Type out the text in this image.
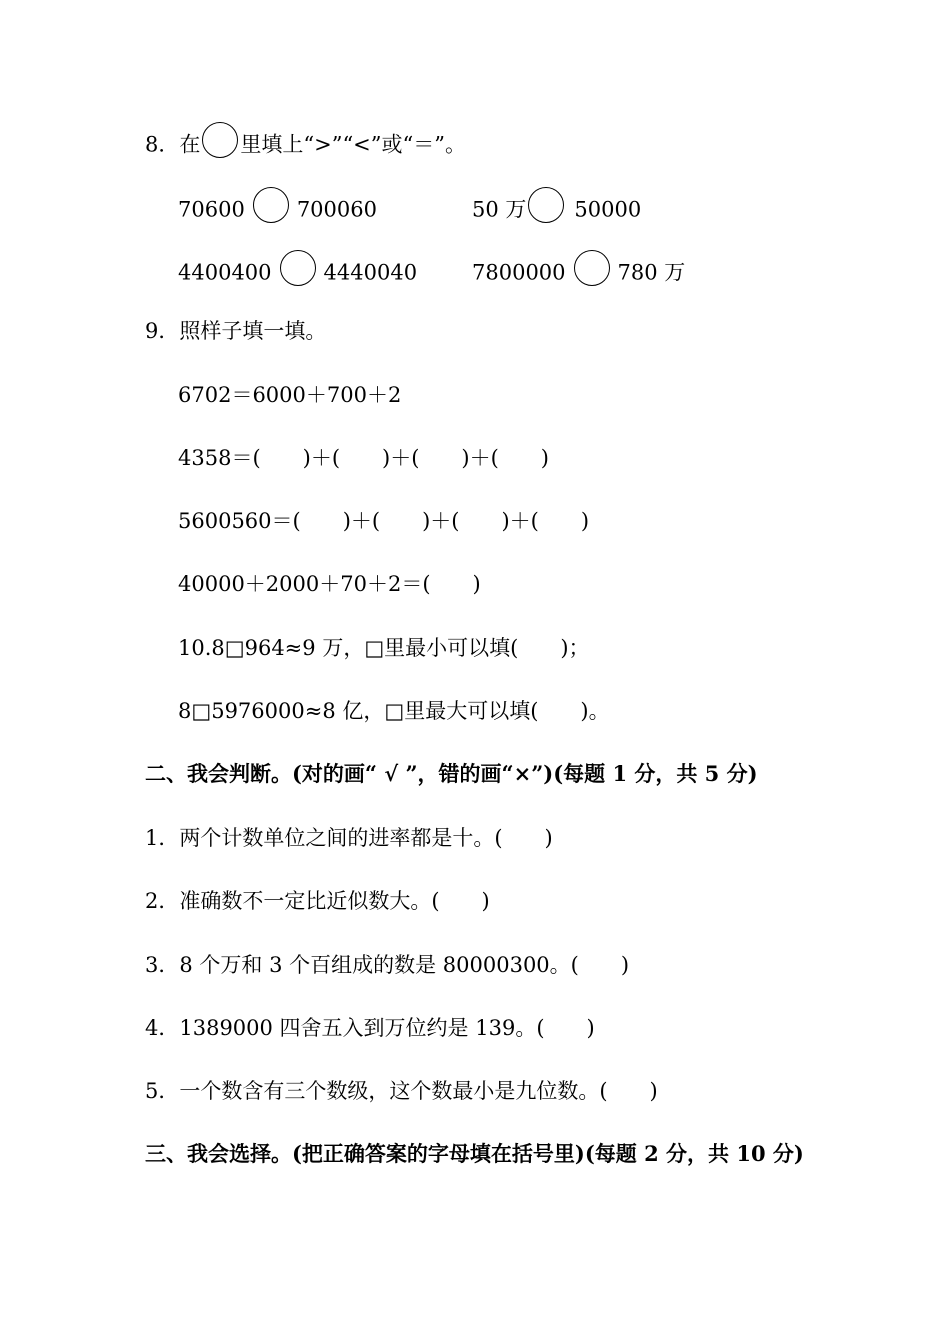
8．在 里填上“>”“<”或“＝”。
70600 700060	50 万 50000
4400400 4440040	7800000 780 万
9．照样子填一填。
6702＝6000＋700＋2
4358＝(　　)＋(　　)＋(　　)＋(　　)
5600560＝(　　)＋(　　)＋(　　)＋(　　)
40000＋2000＋70＋2＝(　　)
10.8□964≈9 万，□里最小可以填(　　)；
8□5976000≈8 亿，□里最大可以填(　　)。
二、我会判断。(对的画“ √ ”，错的画“×”)(每题 1 分，共 5 分)
1．两个计数单位之间的进率都是十。(　　)
2．准确数不一定比近似数大。(　　)
3．8 个万和 3 个百组成的数是 80000300。(　　)
4．1389000 四舍五入到万位约是 139。(　　)
5．一个数含有三个数级，这个数最小是九位数。(　　)
三、我会选择。(把正确答案的字母填在括号里)(每题 2 分，共 10 分)
